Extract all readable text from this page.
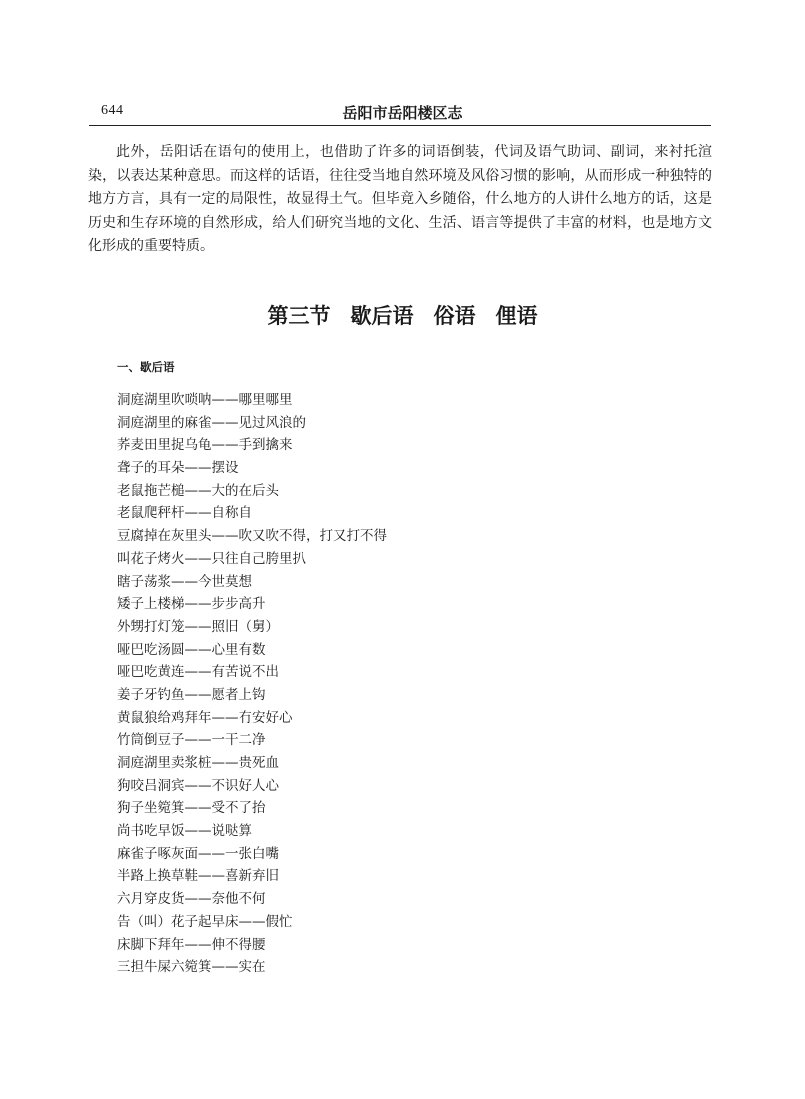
644	岳阳市岳阳楼区志

此外，岳阳话在语句的使用上，也借助了许多的词语倒装，代词及语气助词、副词，来衬托渲染，以表达某种意思。而这样的话语，往往受当地自然环境及风俗习惯的影响，从而形成一种独特的地方方言，具有一定的局限性，故显得土气。但毕竟入乡随俗，什么地方的人讲什么地方的话，这是历史和生存环境的自然形成，给人们研究当地的文化、生活、语言等提供了丰富的材料，也是地方文化形成的重要特质。

第三节 歇后语 俗语 俚语
一、歇后语
洞庭湖里吹唢呐——哪里哪里
洞庭湖里的麻雀——见过风浪的
荞麦田里捉乌龟——手到擒来
聋子的耳朵——摆设
老鼠拖芒槌——大的在后头
老鼠爬秤杆——自称自
豆腐掉在灰里头——吹又吹不得，打又打不得
叫花子烤火——只往自己胯里扒
瞎子荡浆——今世莫想
矮子上楼梯——步步高升
外甥打灯笼——照旧（舅）
哑巴吃汤圆——心里有数
哑巴吃黄连——有苦说不出
姜子牙钓鱼——愿者上钩
黄鼠狼给鸡拜年——冇安好心
竹筒倒豆子——一干二净
洞庭湖里卖浆桩——贵死血
狗咬吕洞宾——不识好人心
狗子坐箢箕——受不了抬
尚书吃早饭——说哒算
麻雀子啄灰面——一张白嘴
半路上换草鞋——喜新弃旧
六月穿皮货——奈他不何
告（叫）花子起早床——假忙
床脚下拜年——伸不得腰
三担牛屎六箢箕——实在
